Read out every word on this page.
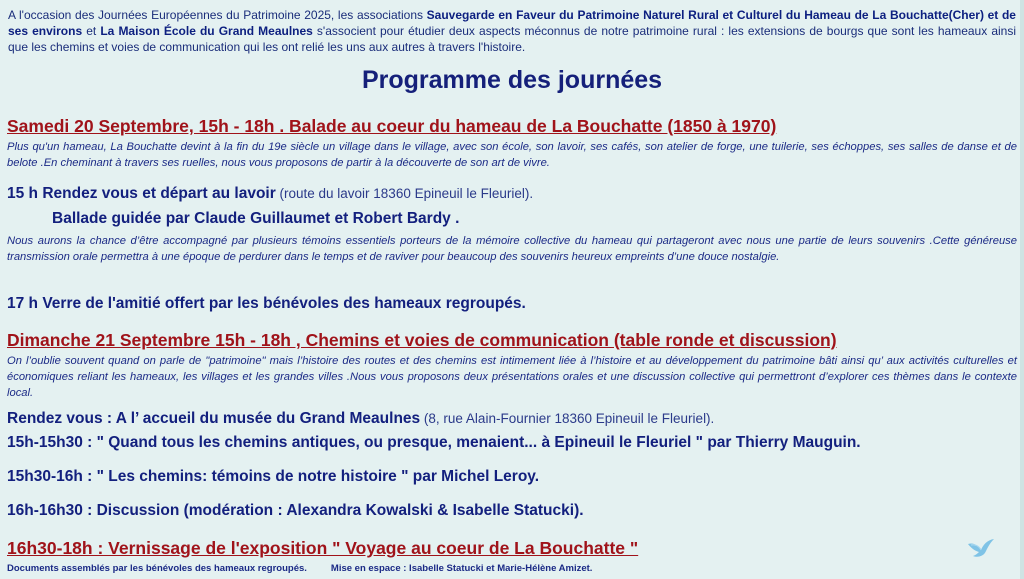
A l'occasion des Journées Européennes du Patrimoine 2025, les associations Sauvegarde en Faveur du Patrimoine Naturel Rural et Culturel du Hameau de La Bouchatte(Cher) et de ses environs et La Maison École du Grand Meaulnes s'associent pour étudier deux aspects méconnus de notre patrimoine rural : les extensions de bourgs que sont les hameaux ainsi que les chemins et voies de communication qui les ont relié les uns aux autres à travers l'histoire.
Programme des journées
Samedi 20 Septembre, 15h - 18h . Balade au coeur du hameau de La Bouchatte (1850 à 1970)
Plus qu'un hameau, La Bouchatte devint à la fin du 19e siècle un village dans le village, avec son école, son lavoir, ses cafés, son atelier de forge, une tuilerie, ses échoppes, ses salles de danse et de belote .En cheminant à travers ses ruelles, nous vous proposons de partir à la découverte de son art de vivre.
15 h Rendez vous et départ au lavoir (route du lavoir 18360 Epineuil le Fleuriel).
Ballade guidée par Claude Guillaumet et Robert Bardy .
Nous aurons la chance d’être accompagné par plusieurs témoins essentiels porteurs de la mémoire collective du hameau qui partageront avec nous une partie de leurs souvenirs .Cette généreuse transmission orale permettra à une époque de perdurer dans le temps et de raviver pour beaucoup des souvenirs heureux empreints d’une douce nostalgie.
17 h Verre de l'amitié offert par les bénévoles des hameaux regroupés.
Dimanche 21 Septembre 15h - 18h , Chemins et voies de communication (table ronde et discussion)
On l’oublie souvent quand on parle de "patrimoine" mais l’histoire des routes et des chemins est intimement liée à l’histoire et au développement du patrimoine bâti ainsi qu’ aux activités culturelles et économiques reliant les hameaux, les villages et les grandes villes .Nous vous proposons deux présentations orales et une discussion collective qui permettront d’explorer ces thèmes dans le contexte local.
Rendez vous : A l’ accueil du musée du Grand Meaulnes (8, rue Alain-Fournier 18360 Epineuil le Fleuriel).
15h-15h30 : " Quand tous les chemins antiques, ou presque, menaient... à Epineuil le Fleuriel " par Thierry Mauguin.
15h30-16h : " Les chemins: témoins de notre histoire " par Michel Leroy.
16h-16h30 : Discussion (modération : Alexandra Kowalski & Isabelle Statucki).
16h30-18h : Vernissage de l'exposition " Voyage au coeur de La Bouchatte "
Documents assemblés par les bénévoles des hameaux regroupés.	Mise en espace : Isabelle Statucki et Marie-Hélène Amizet.
